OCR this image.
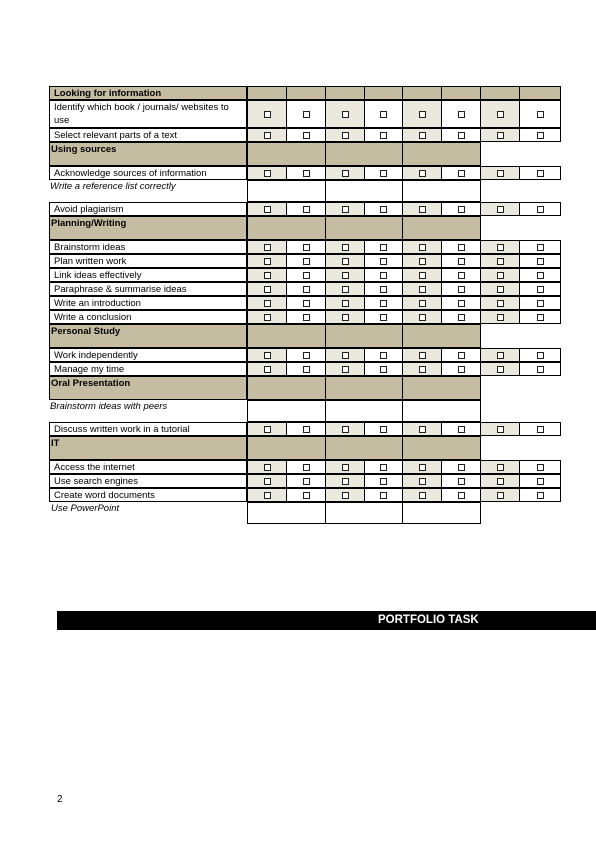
Looking for information
Identify which book / journals/ websites to use
Select relevant parts of a text
Using sources
Acknowledge sources of information
Write a reference list correctly
Avoid plagiarism
Planning/Writing
Brainstorm ideas
Plan written work
Link ideas effectively
Paraphrase & summarise ideas
Write an introduction
Write a conclusion
Personal Study
Work independently
Manage my time
Oral Presentation
Brainstorm ideas with peers
Discuss written work in a tutorial
IT
Access the internet
Use search engines
Create word documents
Use PowerPoint
PORTFOLIO TASK
2
